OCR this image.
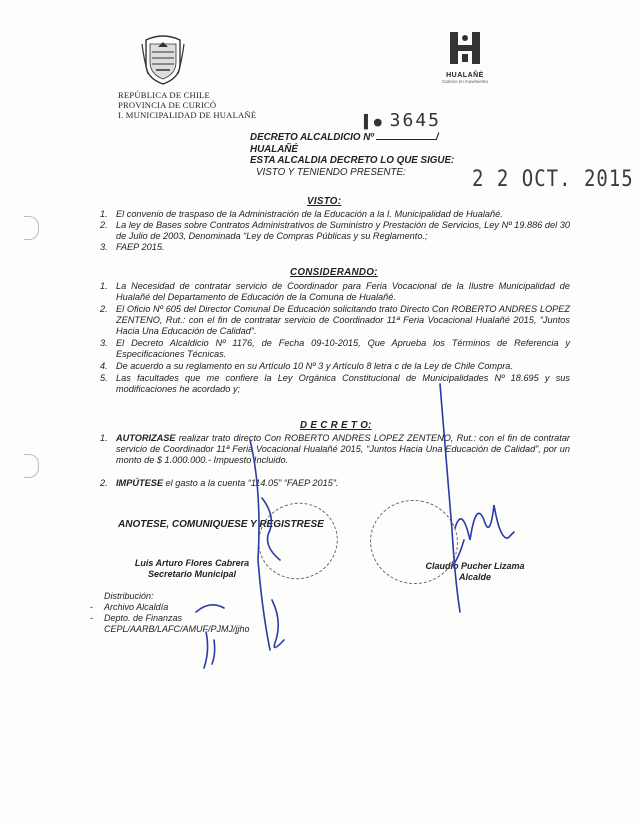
REPÚBLICA DE CHILE
PROVINCIA DE CURICÓ
I. MUNICIPALIDAD DE HUALAÑÉ
HUALAÑÉ
Camino en movimiento
▌● 3645
DECRETO ALCALDICIO Nº	/
HUALAÑÉ
ESTA ALCALDIA DECRETO LO QUE SIGUE:
VISTO Y TENIENDO PRESENTE:	2 2 OCT. 2015
VISTO:
1. El convenio de traspaso de la Administración de la Educación a la I. Municipalidad de Hualañé.
2. La ley de Bases sobre Contratos Administrativos de Suministro y Prestación de Servicios, Ley Nº 19.886 del 30 de Julio de 2003, Denominada “Ley de Compras Públicas y su Reglamento.;
3. FAEP 2015.
CONSIDERANDO:
1. La Necesidad de contratar servicio de Coordinador para Feria Vocacional de la Ilustre Municipalidad de Hualañé del Departamento de Educación de la Comuna de Hualañé.
2. El Oficio Nº 605 del Director Comunal De Educación solicitando trato Directo Con ROBERTO ANDRES LOPEZ ZENTENO, Rut.: con el fin de contratar servicio de Coordinador 11ª Feria Vocacional Hualañé 2015, “Juntos Hacia Una Educación de Calidad”.
3. El Decreto Alcaldicio Nº 1176, de Fecha 09-10-2015, Que Aprueba los Términos de Referencia y Especificaciones Técnicas.
4. De acuerdo a su reglamento en su Artículo 10 Nº 3 y Artículo 8 letra c de la Ley de Chile Compra.
5. Las facultades que me confiere la Ley Orgánica Constitucional de Municipalidades Nº 18.695 y sus modificaciones he acordado y;
D E C R E T O:
1. AUTORIZASE realizar trato directo Con ROBERTO ANDRES LOPEZ ZENTENO, Rut.: con el fin de contratar servicio de Coordinador 11ª Feria Vocacional Hualañé 2015, “Juntos Hacia Una Educación de Calidad”, por un monto de $ 1.000.000.- Impuesto Incluido.
2. IMPÚTESE el gasto a la cuenta “114.05” “FAEP 2015”.
ANOTESE, COMUNIQUESE Y REGISTRESE
Luis Arturo Flores Cabrera
Secretario Municipal
Claudio Pucher Lizama
Alcalde
Distribución:
- Archivo Alcaldía
- Depto. de Finanzas
CEPL/AARB/LAFC/AMUF/PJMJ/jjho
